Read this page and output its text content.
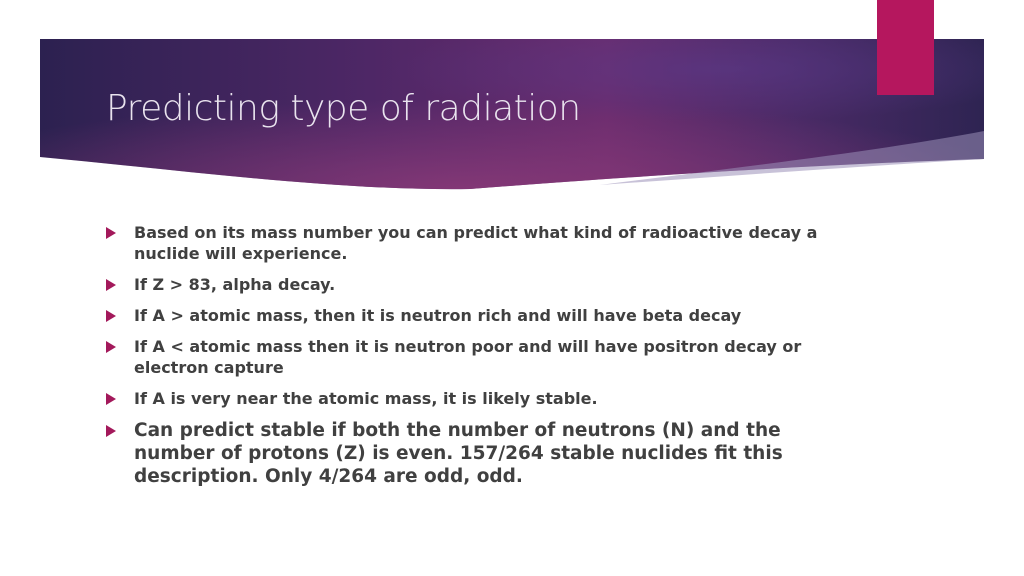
Predicting type of radiation
Based on its mass number you can predict what kind of radioactive decay a nuclide will experience.
If Z > 83, alpha decay.
If A > atomic mass, then it is neutron rich and will have beta decay
If A < atomic mass then it is neutron poor and will have positron decay or electron capture
If A is very near the atomic mass, it is likely stable.
Can predict stable if both the number of neutrons (N) and the number of protons (Z) is even. 157/264 stable nuclides fit this description. Only 4/264 are odd, odd.
